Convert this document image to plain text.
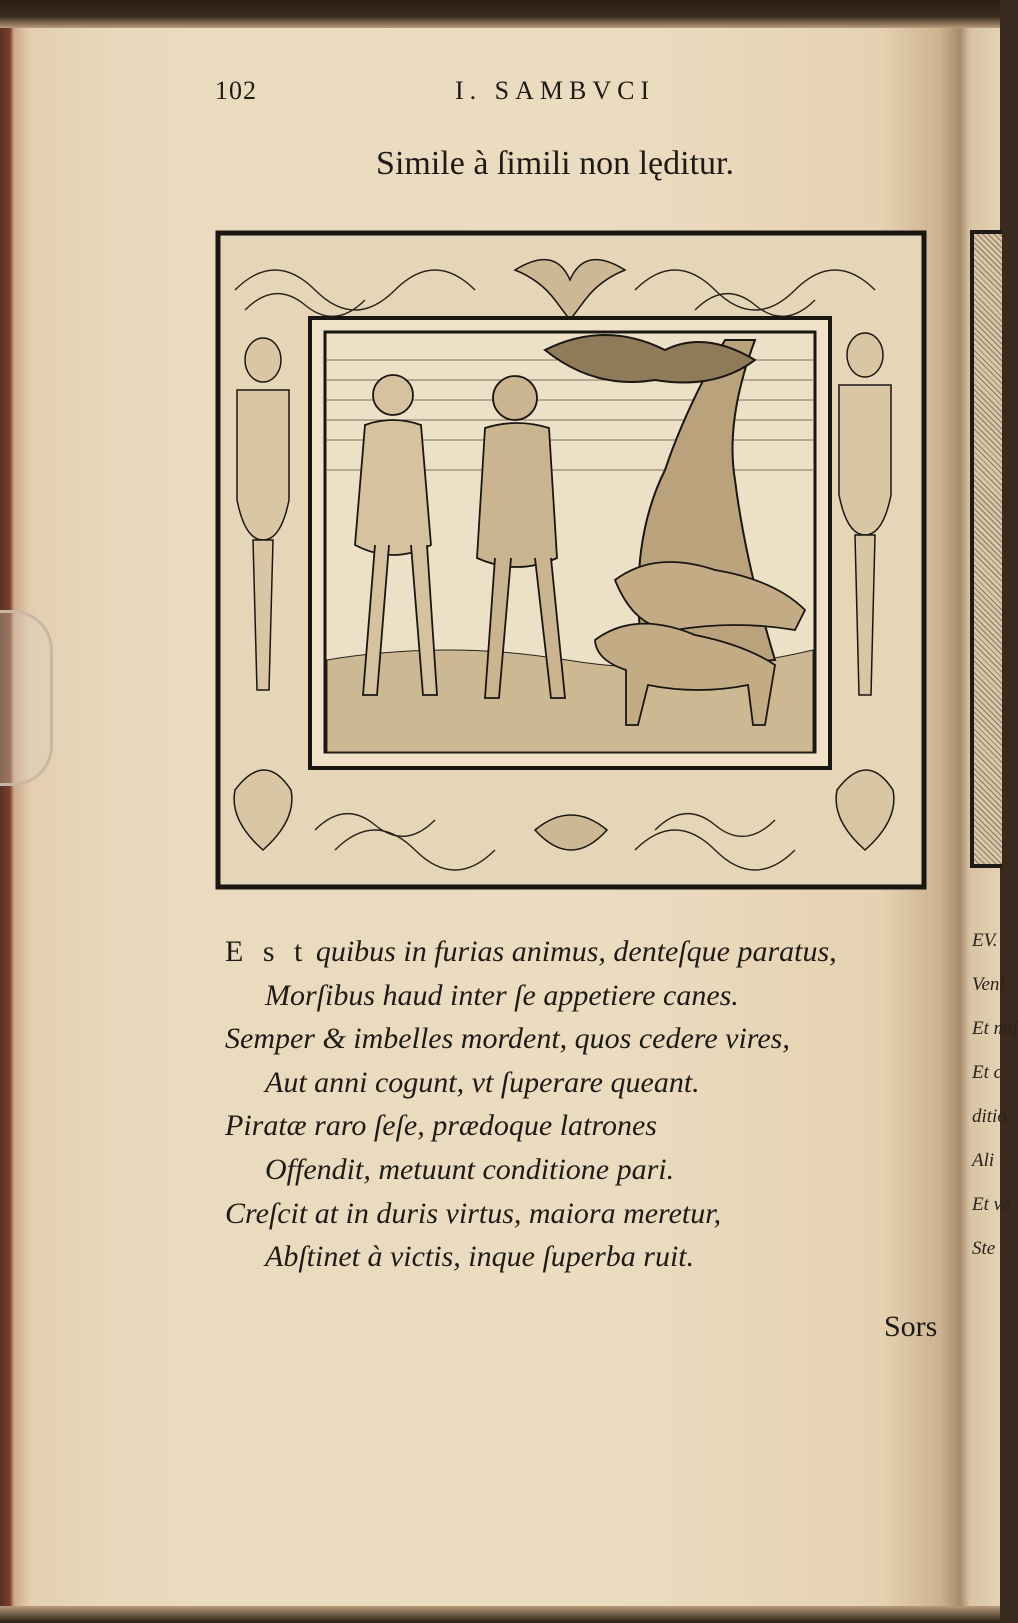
102	I. SAMBVCI
Simile à ſimili non lęditur.
E s t quibus in furias animus, denteſque paratus,
Morſibus haud inter ſe appetiere canes.
Semper & imbelles mordent, quos cedere vires,
Aut anni cogunt, vt ſuperare queant.
Piratæ raro ſeſe, prædoque latrones
Offendit, metuunt conditione pari.
Creſcit at in duris virtus, maiora meretur,
Abſtinet à victis, inque ſuperba ruit.
Sors
EV.
Veni
Et miſ
Et c
ditio
Ali
Et ve
Ste
